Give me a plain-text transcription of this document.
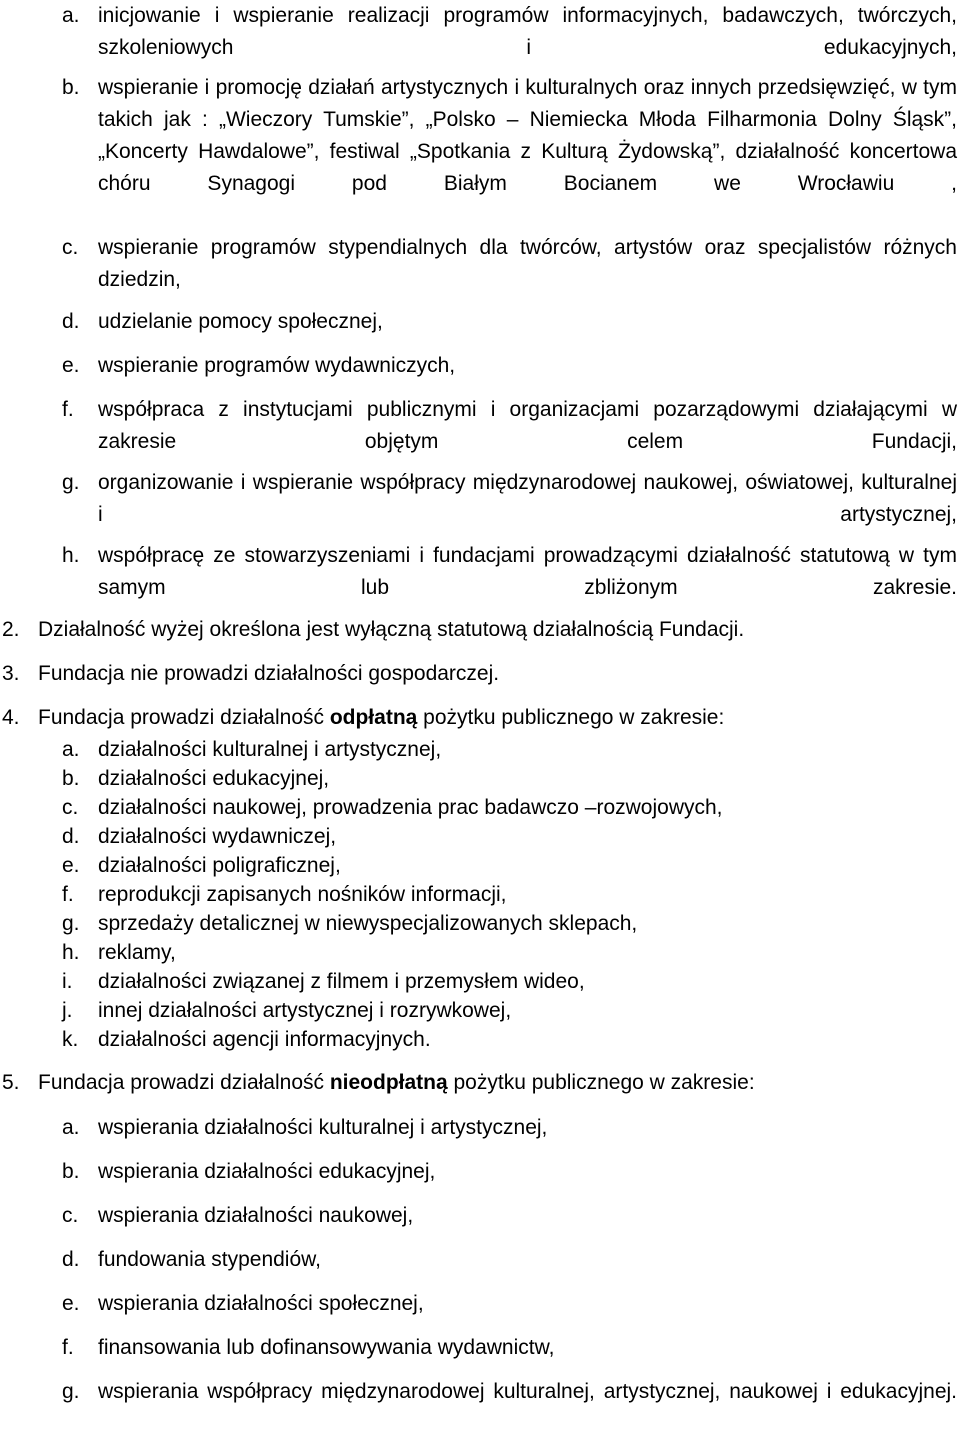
a. inicjowanie i wspieranie realizacji programów informacyjnych, badawczych, twórczych, szkoleniowych i edukacyjnych,
b. wspieranie i promocję działań artystycznych i kulturalnych oraz innych przedsięwzięć, w tym takich jak : „Wieczory Tumskie”, „Polsko – Niemiecka Młoda Filharmonia Dolny Śląsk”, „Koncerty Hawdalowe”, festiwal „Spotkania z Kulturą Żydowską”, działalność koncertowa chóru Synagogi pod Białym Bocianem we Wrocławiu ,
c. wspieranie programów stypendialnych dla twórców, artystów oraz specjalistów różnych dziedzin,
d. udzielanie pomocy społecznej,
e. wspieranie programów wydawniczych,
f.	współpraca z instytucjami publicznymi i organizacjami pozarządowymi działającymi w zakresie objętym celem Fundacji,
g. organizowanie i wspieranie współpracy międzynarodowej naukowej, oświatowej, kulturalnej i artystycznej,
h. współpracę ze stowarzyszeniami i fundacjami prowadzącymi działalność statutową w tym samym lub zbliżonym zakresie.
2. Działalność wyżej określona jest wyłączną statutową działalnością Fundacji.
3. Fundacja nie prowadzi działalności gospodarczej.
4. Fundacja prowadzi działalność odpłatną pożytku publicznego w zakresie:
a. działalności kulturalnej i artystycznej,
b. działalności edukacyjnej,
c. działalności naukowej, prowadzenia prac badawczo –rozwojowych,
d. działalności wydawniczej,
e. działalności poligraficznej,
f.	reprodukcji zapisanych nośników informacji,
g. sprzedaży detalicznej w niewyspecjalizowanych sklepach,
h. reklamy,
i.	działalności związanej z filmem i przemysłem wideo,
j.	innej działalności artystycznej i rozrywkowej,
k. działalności agencji informacyjnych.
5. Fundacja prowadzi działalność nieodpłatną pożytku publicznego w zakresie:
a. wspierania działalności kulturalnej i artystycznej,
b. wspierania działalności edukacyjnej,
c. wspierania działalności naukowej,
d. fundowania stypendiów,
e. wspierania działalności społecznej,
f.	finansowania lub dofinansowywania wydawnictw,
g. wspierania współpracy międzynarodowej kulturalnej, artystycznej, naukowej i edukacyjnej.
